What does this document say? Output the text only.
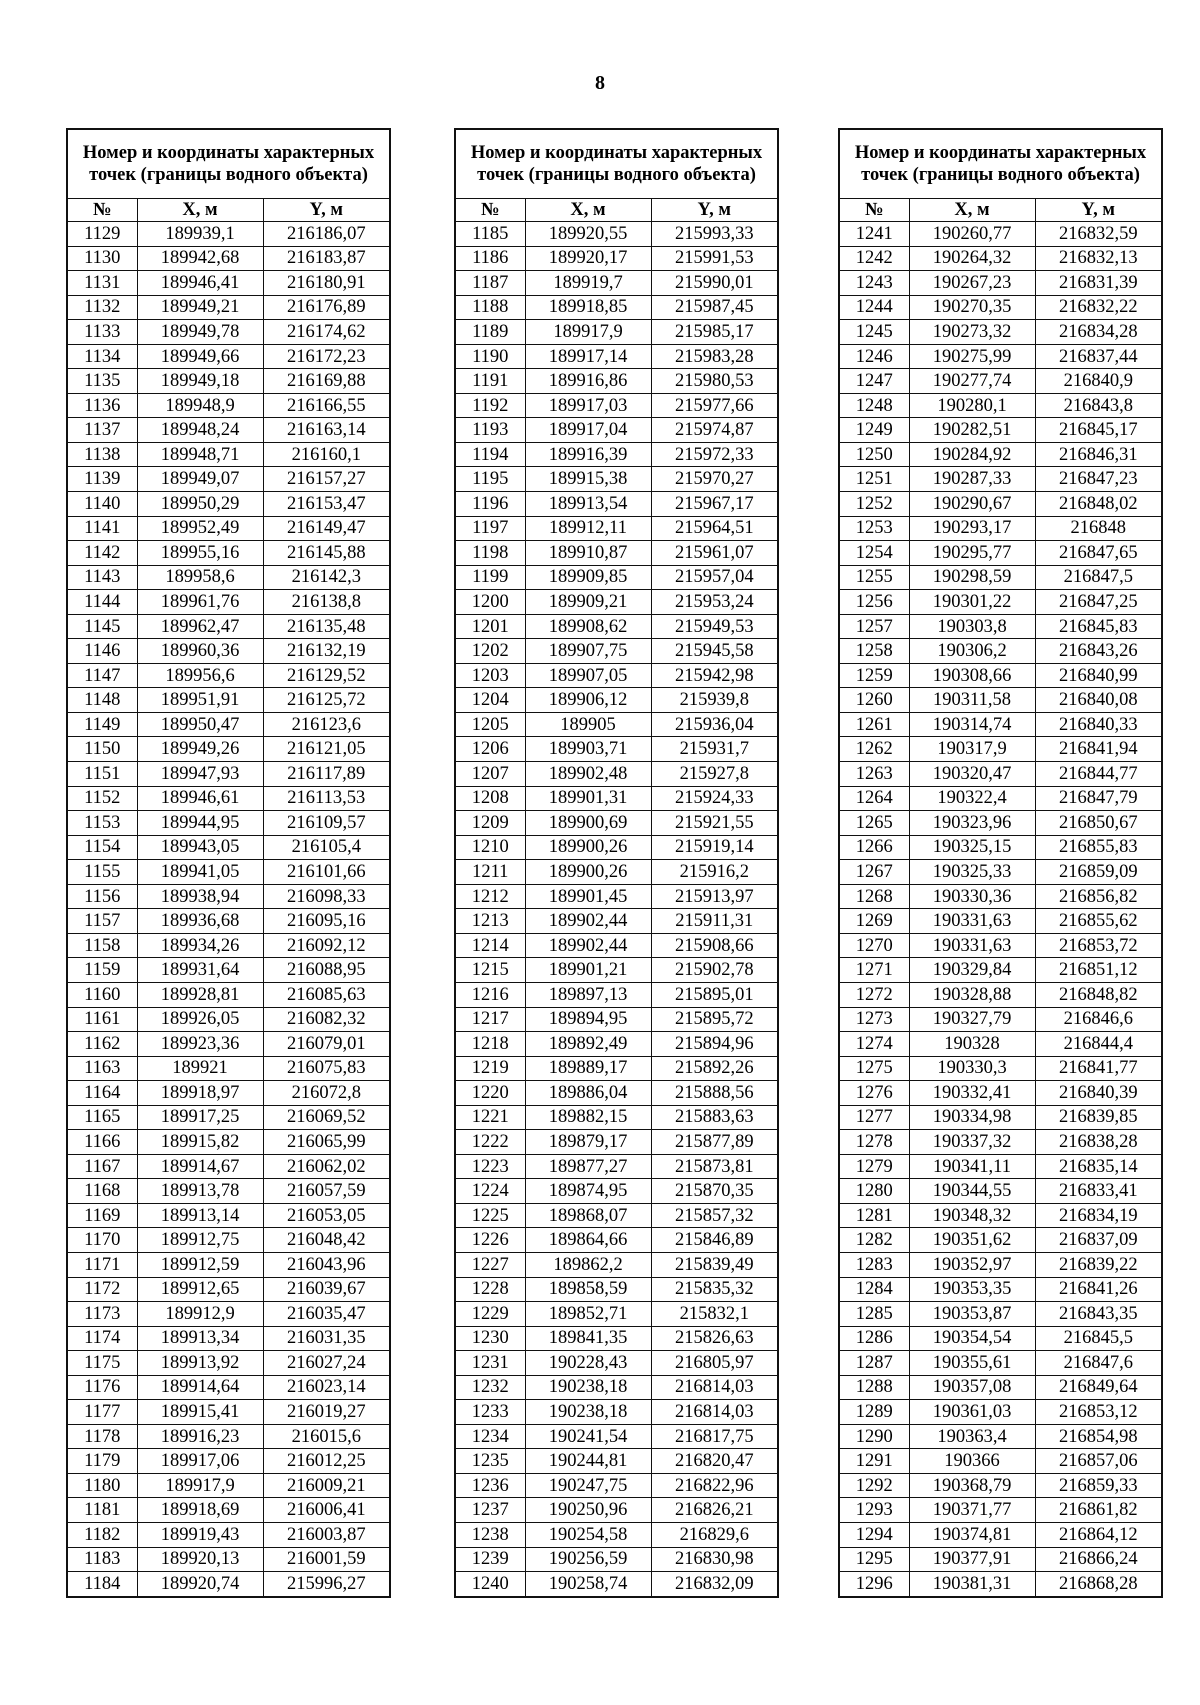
8
Номер и координаты характерных точек (границы водного объекта)		
№	X, м	Y, м
1129	189939,1	216186,07
1130	189942,68	216183,87
1131	189946,41	216180,91
1132	189949,21	216176,89
1133	189949,78	216174,62
1134	189949,66	216172,23
1135	189949,18	216169,88
1136	189948,9	216166,55
1137	189948,24	216163,14
1138	189948,71	216160,1
1139	189949,07	216157,27
1140	189950,29	216153,47
1141	189952,49	216149,47
1142	189955,16	216145,88
1143	189958,6	216142,3
1144	189961,76	216138,8
1145	189962,47	216135,48
1146	189960,36	216132,19
1147	189956,6	216129,52
1148	189951,91	216125,72
1149	189950,47	216123,6
1150	189949,26	216121,05
1151	189947,93	216117,89
1152	189946,61	216113,53
1153	189944,95	216109,57
1154	189943,05	216105,4
1155	189941,05	216101,66
1156	189938,94	216098,33
1157	189936,68	216095,16
1158	189934,26	216092,12
1159	189931,64	216088,95
1160	189928,81	216085,63
1161	189926,05	216082,32
1162	189923,36	216079,01
1163	189921	216075,83
1164	189918,97	216072,8
1165	189917,25	216069,52
1166	189915,82	216065,99
1167	189914,67	216062,02
1168	189913,78	216057,59
1169	189913,14	216053,05
1170	189912,75	216048,42
1171	189912,59	216043,96
1172	189912,65	216039,67
1173	189912,9	216035,47
1174	189913,34	216031,35
1175	189913,92	216027,24
1176	189914,64	216023,14
1177	189915,41	216019,27
1178	189916,23	216015,6
1179	189917,06	216012,25
1180	189917,9	216009,21
1181	189918,69	216006,41
1182	189919,43	216003,87
1183	189920,13	216001,59
1184	189920,74	215996,27
Номер и координаты характерных точек (границы водного объекта)		
№	X, м	Y, м
1185	189920,55	215993,33
1186	189920,17	215991,53
1187	189919,7	215990,01
1188	189918,85	215987,45
1189	189917,9	215985,17
1190	189917,14	215983,28
1191	189916,86	215980,53
1192	189917,03	215977,66
1193	189917,04	215974,87
1194	189916,39	215972,33
1195	189915,38	215970,27
1196	189913,54	215967,17
1197	189912,11	215964,51
1198	189910,87	215961,07
1199	189909,85	215957,04
1200	189909,21	215953,24
1201	189908,62	215949,53
1202	189907,75	215945,58
1203	189907,05	215942,98
1204	189906,12	215939,8
1205	189905	215936,04
1206	189903,71	215931,7
1207	189902,48	215927,8
1208	189901,31	215924,33
1209	189900,69	215921,55
1210	189900,26	215919,14
1211	189900,26	215916,2
1212	189901,45	215913,97
1213	189902,44	215911,31
1214	189902,44	215908,66
1215	189901,21	215902,78
1216	189897,13	215895,01
1217	189894,95	215895,72
1218	189892,49	215894,96
1219	189889,17	215892,26
1220	189886,04	215888,56
1221	189882,15	215883,63
1222	189879,17	215877,89
1223	189877,27	215873,81
1224	189874,95	215870,35
1225	189868,07	215857,32
1226	189864,66	215846,89
1227	189862,2	215839,49
1228	189858,59	215835,32
1229	189852,71	215832,1
1230	189841,35	215826,63
1231	190228,43	216805,97
1232	190238,18	216814,03
1233	190238,18	216814,03
1234	190241,54	216817,75
1235	190244,81	216820,47
1236	190247,75	216822,96
1237	190250,96	216826,21
1238	190254,58	216829,6
1239	190256,59	216830,98
1240	190258,74	216832,09
Номер и координаты характерных точек (границы водного объекта)		
№	X, м	Y, м
1241	190260,77	216832,59
1242	190264,32	216832,13
1243	190267,23	216831,39
1244	190270,35	216832,22
1245	190273,32	216834,28
1246	190275,99	216837,44
1247	190277,74	216840,9
1248	190280,1	216843,8
1249	190282,51	216845,17
1250	190284,92	216846,31
1251	190287,33	216847,23
1252	190290,67	216848,02
1253	190293,17	216848
1254	190295,77	216847,65
1255	190298,59	216847,5
1256	190301,22	216847,25
1257	190303,8	216845,83
1258	190306,2	216843,26
1259	190308,66	216840,99
1260	190311,58	216840,08
1261	190314,74	216840,33
1262	190317,9	216841,94
1263	190320,47	216844,77
1264	190322,4	216847,79
1265	190323,96	216850,67
1266	190325,15	216855,83
1267	190325,33	216859,09
1268	190330,36	216856,82
1269	190331,63	216855,62
1270	190331,63	216853,72
1271	190329,84	216851,12
1272	190328,88	216848,82
1273	190327,79	216846,6
1274	190328	216844,4
1275	190330,3	216841,77
1276	190332,41	216840,39
1277	190334,98	216839,85
1278	190337,32	216838,28
1279	190341,11	216835,14
1280	190344,55	216833,41
1281	190348,32	216834,19
1282	190351,62	216837,09
1283	190352,97	216839,22
1284	190353,35	216841,26
1285	190353,87	216843,35
1286	190354,54	216845,5
1287	190355,61	216847,6
1288	190357,08	216849,64
1289	190361,03	216853,12
1290	190363,4	216854,98
1291	190366	216857,06
1292	190368,79	216859,33
1293	190371,77	216861,82
1294	190374,81	216864,12
1295	190377,91	216866,24
1296	190381,31	216868,28
